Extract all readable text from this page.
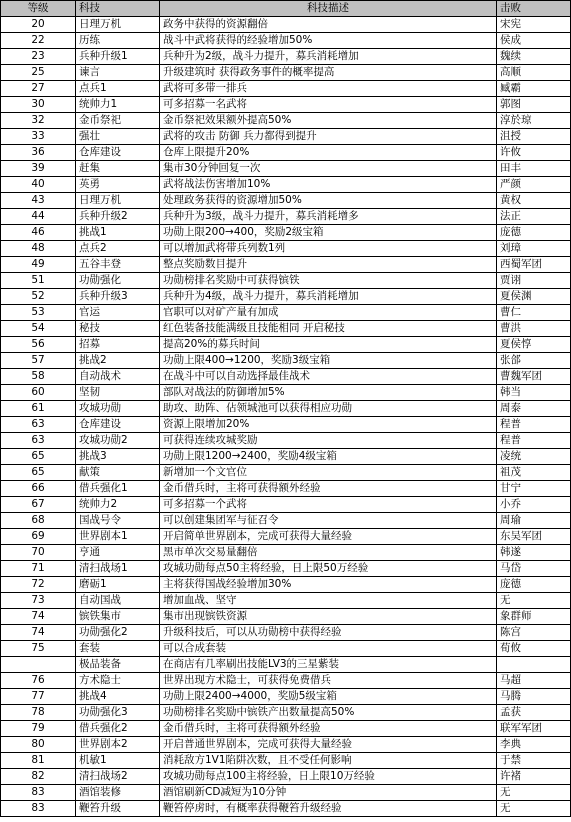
等级	科技	科技描述	击败
20	日理万机	政务中获得的资源翻倍	宋宪
22	历练	战斗中武将获得的经验增加50%	侯成
23	兵种升级1	兵种升为2级，战斗力提升，募兵消耗增加	魏续
25	谏言	升级建筑时 获得政务事件的概率提高	高顺
27	点兵1	武将可多带一排兵	臧霸
30	统帅力1	可多招募一名武将	郭图
32	金币祭祀	金币祭祀效果额外提高50%	淳於琼
33	强壮	武将的攻击 防御 兵力都得到提升	沮授
36	仓库建设	仓库上限提升20%	许攸
39	赶集	集市30分钟回复一次	田丰
40	英勇	武将战法伤害增加10%	严颜
43	日理万机	处理政务获得的资源增加50%	黄权
44	兵种升级2	兵种升为3级，战斗力提升，募兵消耗增多	法正
46	挑战1	功勋上限200→400，奖励2级宝箱	庞德
48	点兵2	可以增加武将带兵列数1列	刘璋
49	五谷丰登	整点奖励数目提升	西蜀军团
51	功勋强化	功勋榜排名奖励中可获得镔铁	贾诩
52	兵种升级3	兵种升为4级，战斗力提升，募兵消耗增加	夏侯渊
53	官运	官职可以对矿产量有加成	曹仁
54	秘技	红色装备技能满级且技能相同 开启秘技	曹洪
56	招募	提高20%的募兵时间	夏侯惇
57	挑战2	功勋上限400→1200，奖励3级宝箱	张郃
58	自动战术	在战斗中可以自动选择最佳战术	曹魏军团
60	坚韧	部队对战法的防御增加5%	韩当
61	攻城功勋	助攻、助阵、佔领城池可以获得相应功勋	周泰
63	仓库建设	资源上限增加20%	程普
63	攻城功勋2	可获得连续攻城奖励	程普
65	挑战3	功勋上限1200→2400，奖励4级宝箱	凌统
65	献策	新增加一个文官位	祖茂
66	借兵强化1	金币借兵时，主将可获得额外经验	甘宁
67	统帅力2	可多招募一个武将	小乔
68	国战号令	可以创建集团军与征召令	周瑜
69	世界剧本1	开启简单世界剧本，完成可获得大量经验	东吴军团
70	亨通	黑市单次交易量翻倍	韩遂
71	清扫战场1	攻城功勋每点50主将经验，日上限50万经验	马岱
72	磨砺1	主将获得国战经验增加30%	庞德
73	自动国战	增加血战、坚守	无
74	镔铁集市	集市出现镔铁资源	象群师
74	功勋强化2	升级科技后，可以从功勋榜中获得经验	陈宫
75	套装	可以合成套装	荀攸
	极品装备	在商店有几率刷出技能LV3的三星紫装	
76	方术隐士	世界出现方术隐士，可获得免费借兵	马超
77	挑战4	功勋上限2400→4000，奖励5级宝箱	马腾
78	功勋强化3	功勋榜排名奖励中镔铁产出数量提高50%	孟获
79	借兵强化2	金币借兵时，主将可获得额外经验	联军军团
80	世界剧本2	开启普通世界剧本，完成可获得大量经验	李典
81	机敏1	消耗敌方1V1陷阱次数，且不受任何影响	于禁
82	清扫战场2	攻城功勋每点100主将经验，日上限10万经验	许褚
83	酒馆装修	酒馆刷新CD减短为10分钟	无
83	鞭笞升级	鞭笞停虏时，有概率获得鞭笞升级经验	无
